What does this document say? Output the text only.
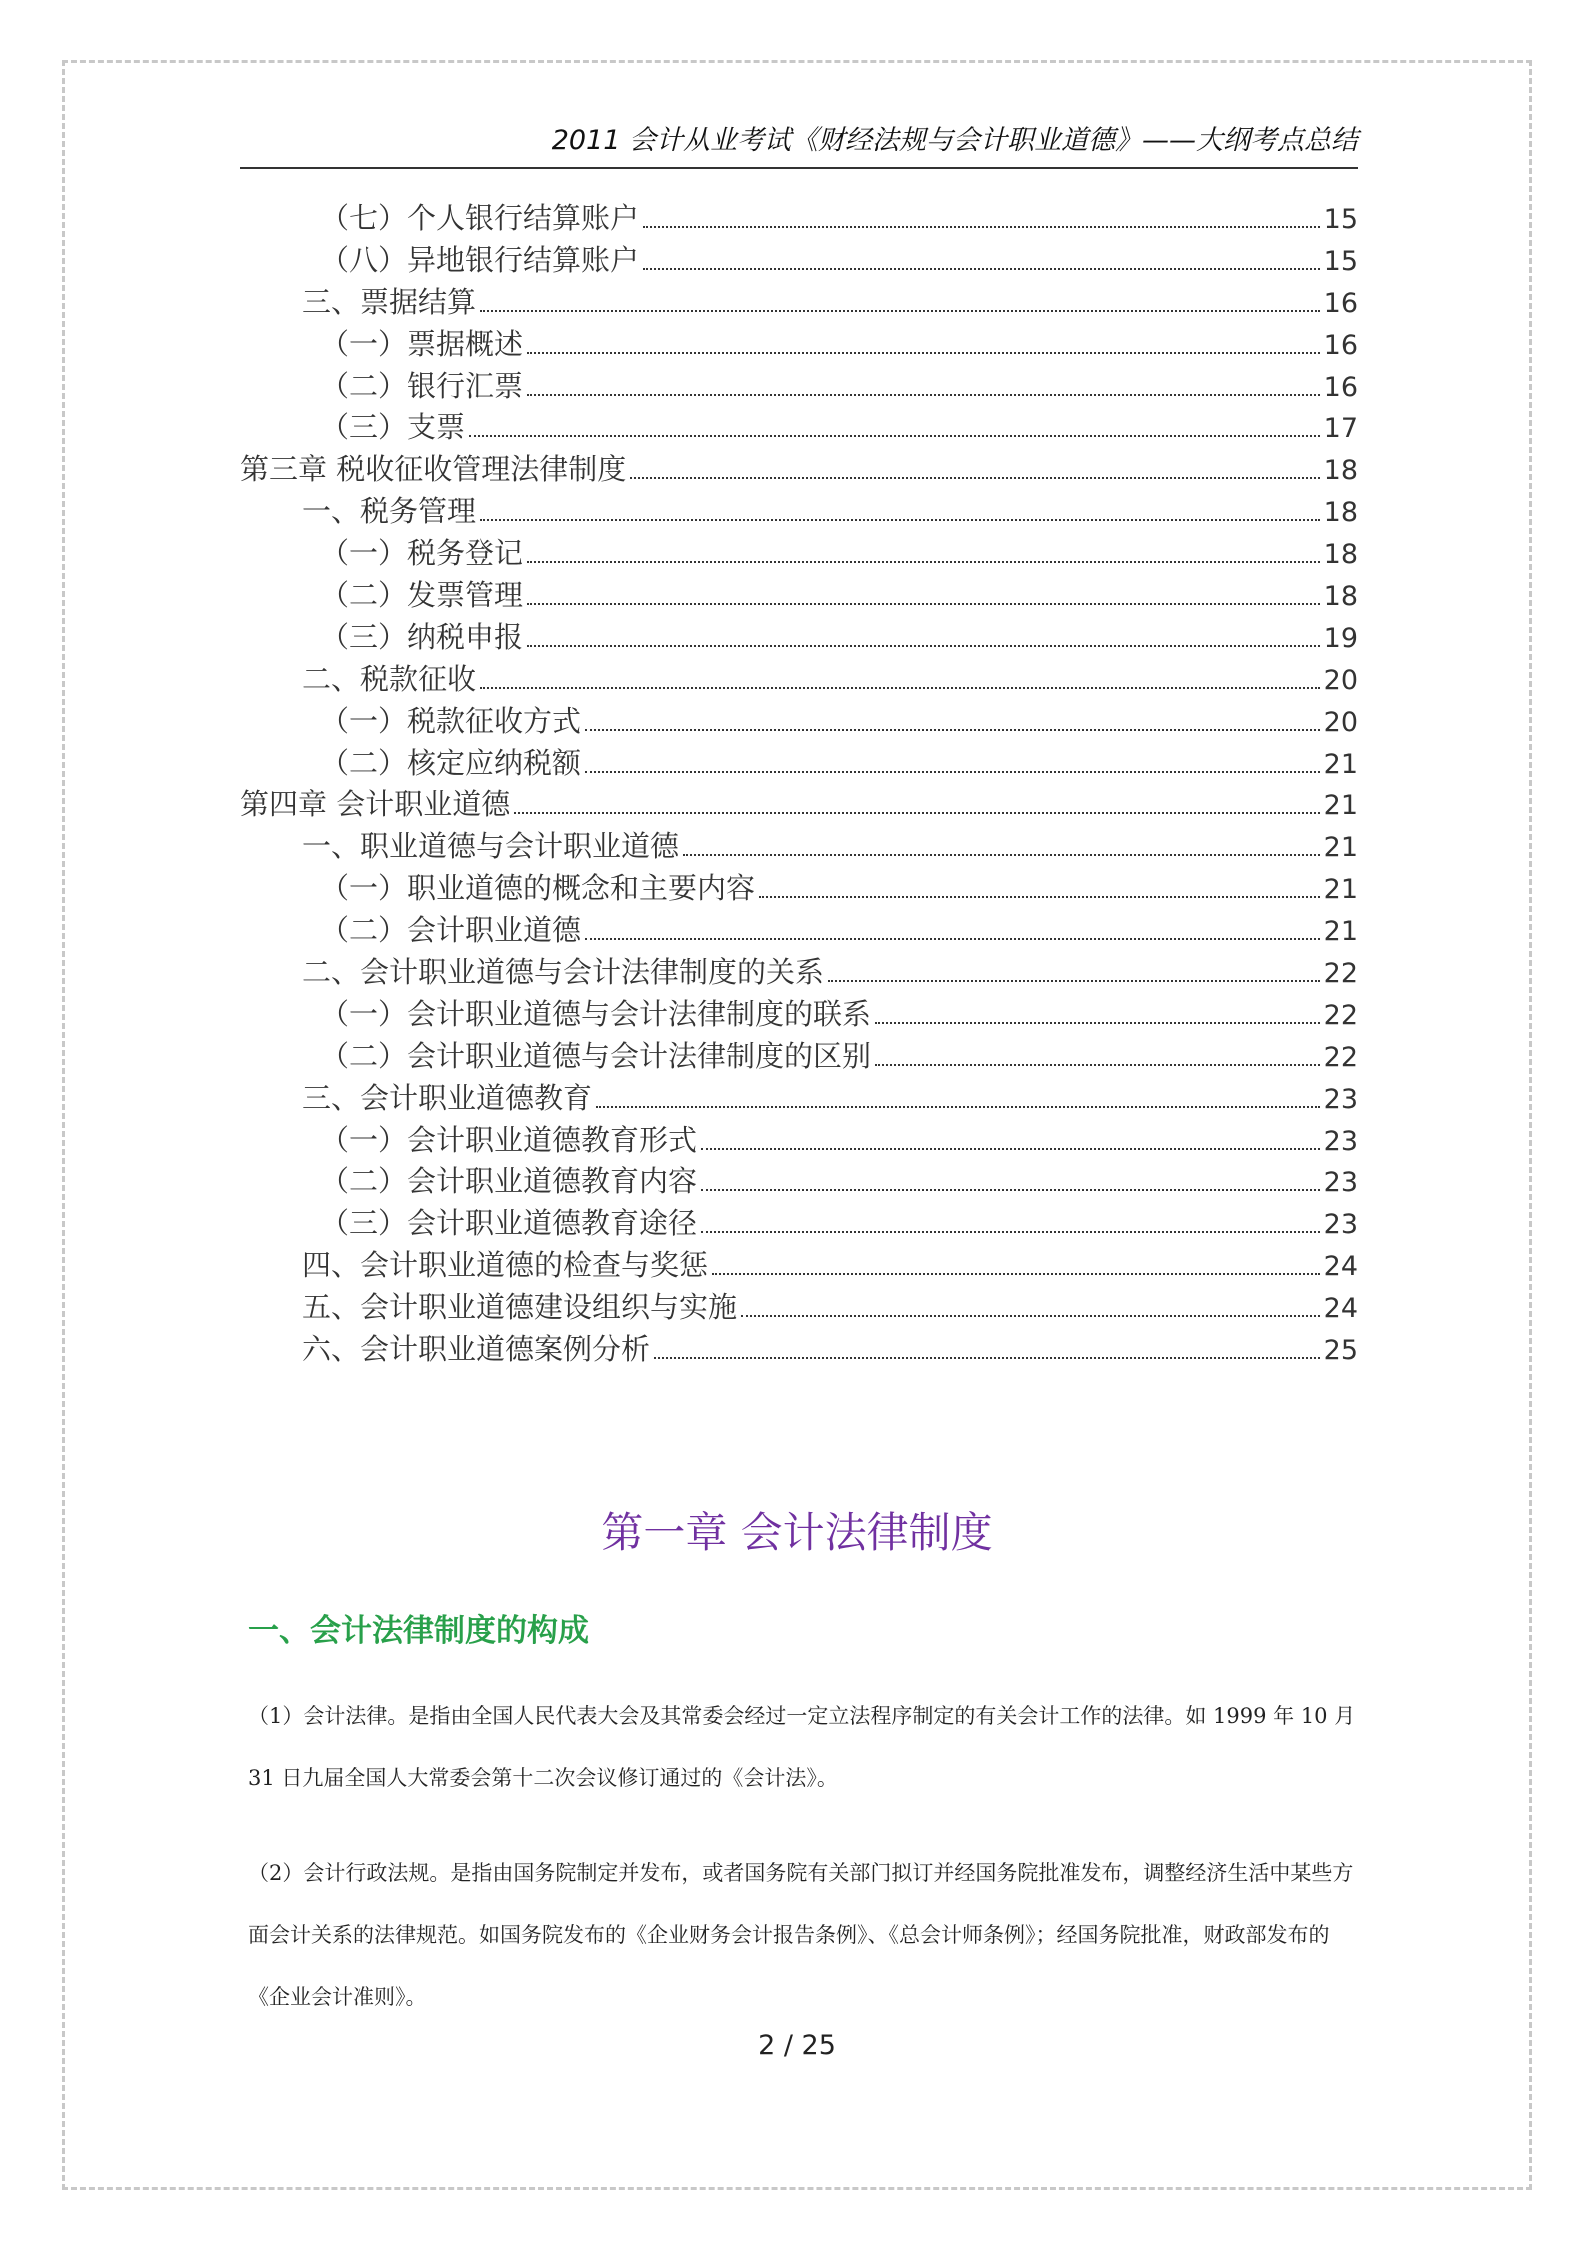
2011 会计从业考试《财经法规与会计职业道德》——大纲考点总结
（七）个人银行结算账户	15
（八）异地银行结算账户	15
三、票据结算	16
（一）票据概述	16
（二）银行汇票	16
（三）支票	17
第三章 税收征收管理法律制度	18
一、税务管理	18
（一）税务登记	18
（二）发票管理	18
（三）纳税申报	19
二、税款征收	20
（一）税款征收方式	20
（二）核定应纳税额	21
第四章 会计职业道德	21
一、职业道德与会计职业道德	21
（一）职业道德的概念和主要内容	21
（二）会计职业道德	21
二、会计职业道德与会计法律制度的关系	22
（一）会计职业道德与会计法律制度的联系	22
（二）会计职业道德与会计法律制度的区别	22
三、会计职业道德教育	23
（一）会计职业道德教育形式	23
（二）会计职业道德教育内容	23
（三）会计职业道德教育途径	23
四、会计职业道德的检查与奖惩	24
五、会计职业道德建设组织与实施	24
六、会计职业道德案例分析	25
第一章 会计法律制度
一、会计法律制度的构成
（1）会计法律。是指由全国人民代表大会及其常委会经过一定立法程序制定的有关会计工作的法律。如 1999 年 10 月 31 日九届全国人大常委会第十二次会议修订通过的《会计法》。
（2）会计行政法规。是指由国务院制定并发布，或者国务院有关部门拟订并经国务院批准发布，调整经济生活中某些方面会计关系的法律规范。如国务院发布的《企业财务会计报告条例》、《总会计师条例》；经国务院批准，财政部发布的《企业会计准则》。
2 / 25
